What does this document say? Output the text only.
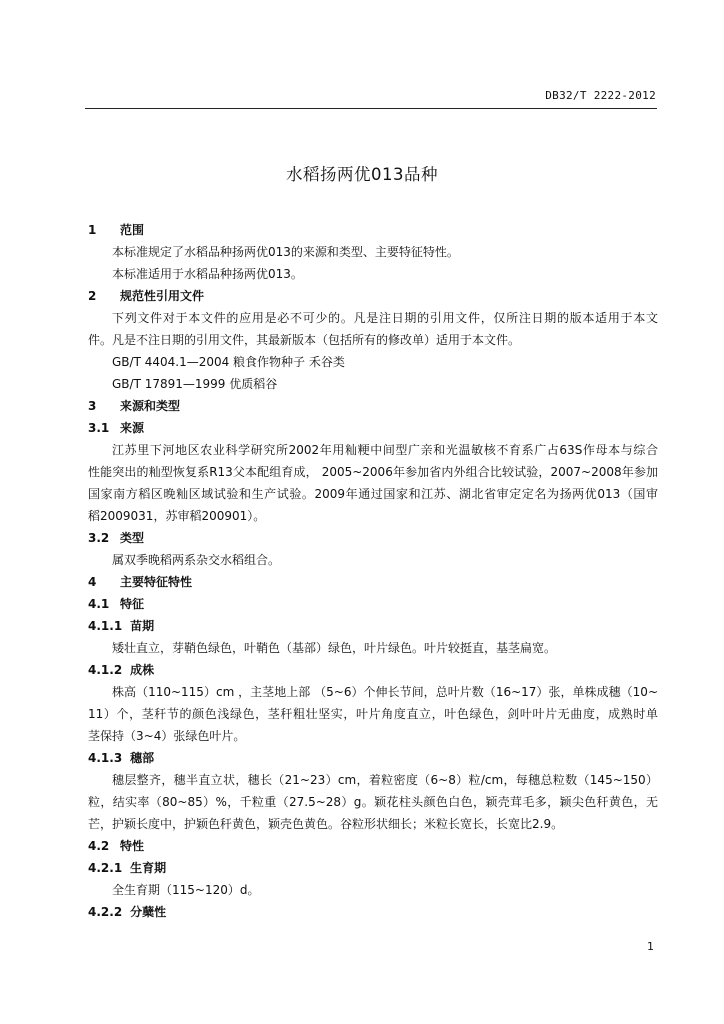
DB32/T 2222-2012
水稻扬两优013品种
1 范围
本标准规定了水稻品种扬两优013的来源和类型、主要特征特性。
本标准适用于水稻品种扬两优013。
2 规范性引用文件
下列文件对于本文件的应用是必不可少的。凡是注日期的引用文件，仅所注日期的版本适用于本文
件。凡是不注日期的引用文件，其最新版本（包括所有的修改单）适用于本文件。
GB/T 4404.1—2004 粮食作物种子 禾谷类
GB/T 17891—1999 优质稻谷
3 来源和类型
3.1 来源
江苏里下河地区农业科学研究所2002年用籼粳中间型广亲和光温敏核不育系广占63S作母本与综合
性能突出的籼型恢复系R13父本配组育成， 2005~2006年参加省内外组合比较试验，2007~2008年参加
国家南方稻区晚籼区域试验和生产试验。2009年通过国家和江苏、湖北省审定定名为扬两优013（国审
稻2009031，苏审稻200901）。
3.2 类型
属双季晚稻两系杂交水稻组合。
4 主要特征特性
4.1 特征
4.1.1 苗期
矮壮直立，芽鞘色绿色，叶鞘色（基部）绿色，叶片绿色。叶片较挺直，基茎扁宽。
4.1.2 成株
株高（110~115）cm ，主茎地上部 （5~6）个伸长节间，总叶片数（16~17）张，单株成穗（10~
11）个，茎秆节的颜色浅绿色，茎秆粗壮坚实，叶片角度直立，叶色绿色，剑叶叶片无曲度，成熟时单
茎保持（3~4）张绿色叶片。
4.1.3 穗部
穗层整齐，穗半直立状，穗长（21~23）cm，着粒密度（6~8）粒/cm，每穗总粒数（145~150）
粒，结实率（80~85）%，千粒重（27.5~28）g。颖花柱头颜色白色，颖壳茸毛多，颖尖色秆黄色，无
芒，护颖长度中，护颖色秆黄色，颖壳色黄色。谷粒形状细长；米粒长宽长，长宽比2.9。
4.2 特性
4.2.1 生育期
全生育期（115~120）d。
4.2.2 分蘖性
1
